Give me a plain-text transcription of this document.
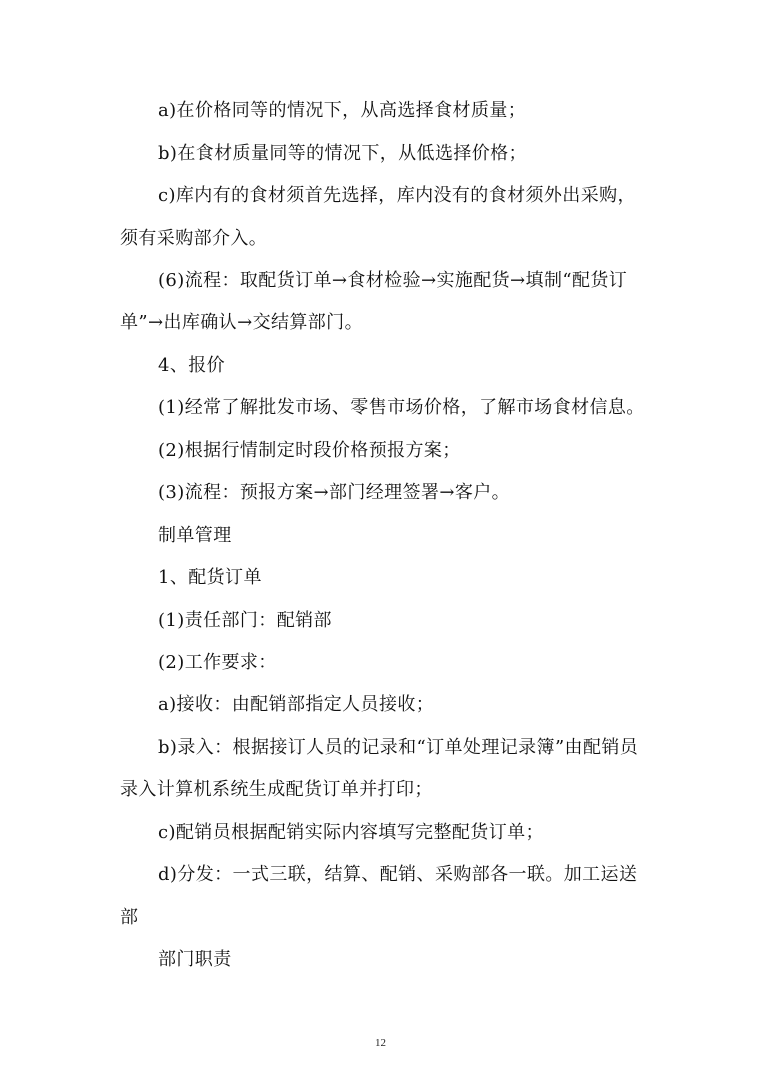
a)在价格同等的情况下，从高选择食材质量；
b)在食材质量同等的情况下，从低选择价格；
c)库内有的食材须首先选择，库内没有的食材须外出采购，
须有采购部介入。
(6)流程：取配货订单→食材检验→实施配货→填制“配货订
单”→出库确认→交结算部门。
4、报价
(1)经常了解批发市场、零售市场价格，了解市场食材信息。
(2)根据行情制定时段价格预报方案；
(3)流程：预报方案→部门经理签署→客户。
制单管理
1、配货订单
(1)责任部门：配销部
(2)工作要求：
a)接收：由配销部指定人员接收；
b)录入：根据接订人员的记录和“订单处理记录簿”由配销员
录入计算机系统生成配货订单并打印；
c)配销员根据配销实际内容填写完整配货订单；
d)分发：一式三联，结算、配销、采购部各一联。加工运送
部
部门职责
12
